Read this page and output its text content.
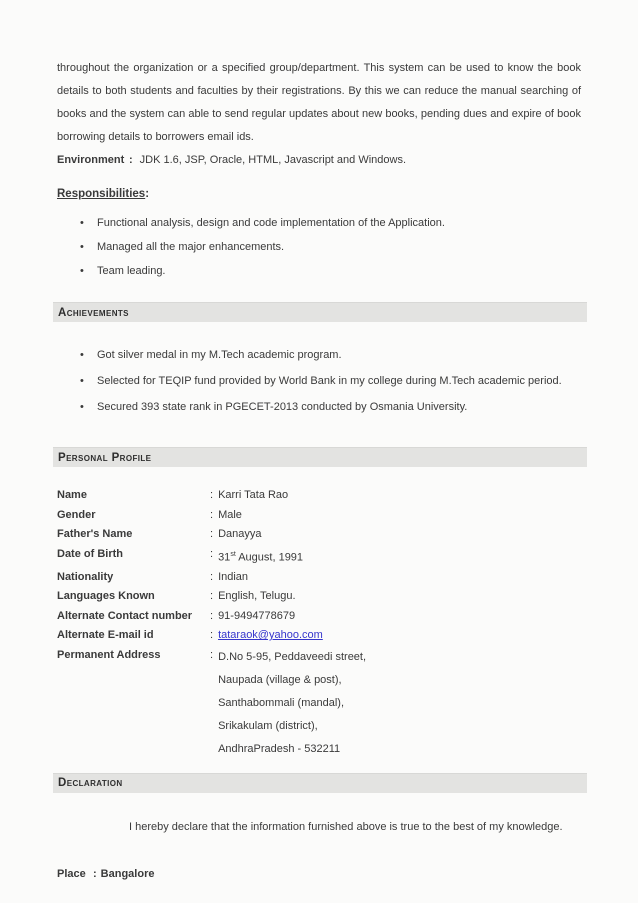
throughout the organization or a specified group/department. This system can be used to know the book details to both students and faculties by their registrations. By this we can reduce the manual searching of books and the system can able to send regular updates about new books, pending dues and expire of book borrowing details to borrowers email ids.

Environment : JDK 1.6, JSP, Oracle, HTML, Javascript and Windows.

Responsibilities:
•	Functional analysis, design and code implementation of the Application.
•	Managed all the major enhancements.
•	Team leading.
Achievements
•	Got silver medal in my M.Tech academic program.
•	Selected for TEQIP fund provided by World Bank in my college during M.Tech academic period.
•	Secured 393 state rank in PGECET-2013 conducted by Osmania University.
Personal Profile
Name	: Karri Tata Rao
Gender	: Male
Father's Name	: Danayya
Date of Birth	: 31st August, 1991
Nationality	: Indian
Languages Known	: English, Telugu.
Alternate Contact number	: 91-9494778679
Alternate E-mail id	: tataraok@yahoo.com
Permanent Address	: D.No 5-95, Peddaveedi street,
Naupada (village & post),
Santhabommali (mandal),
Srikakulam (district),
AndhraPradesh - 532211
Declaration

I hereby declare that the information furnished above is true to the best of my knowledge.

Place : Bangalore
